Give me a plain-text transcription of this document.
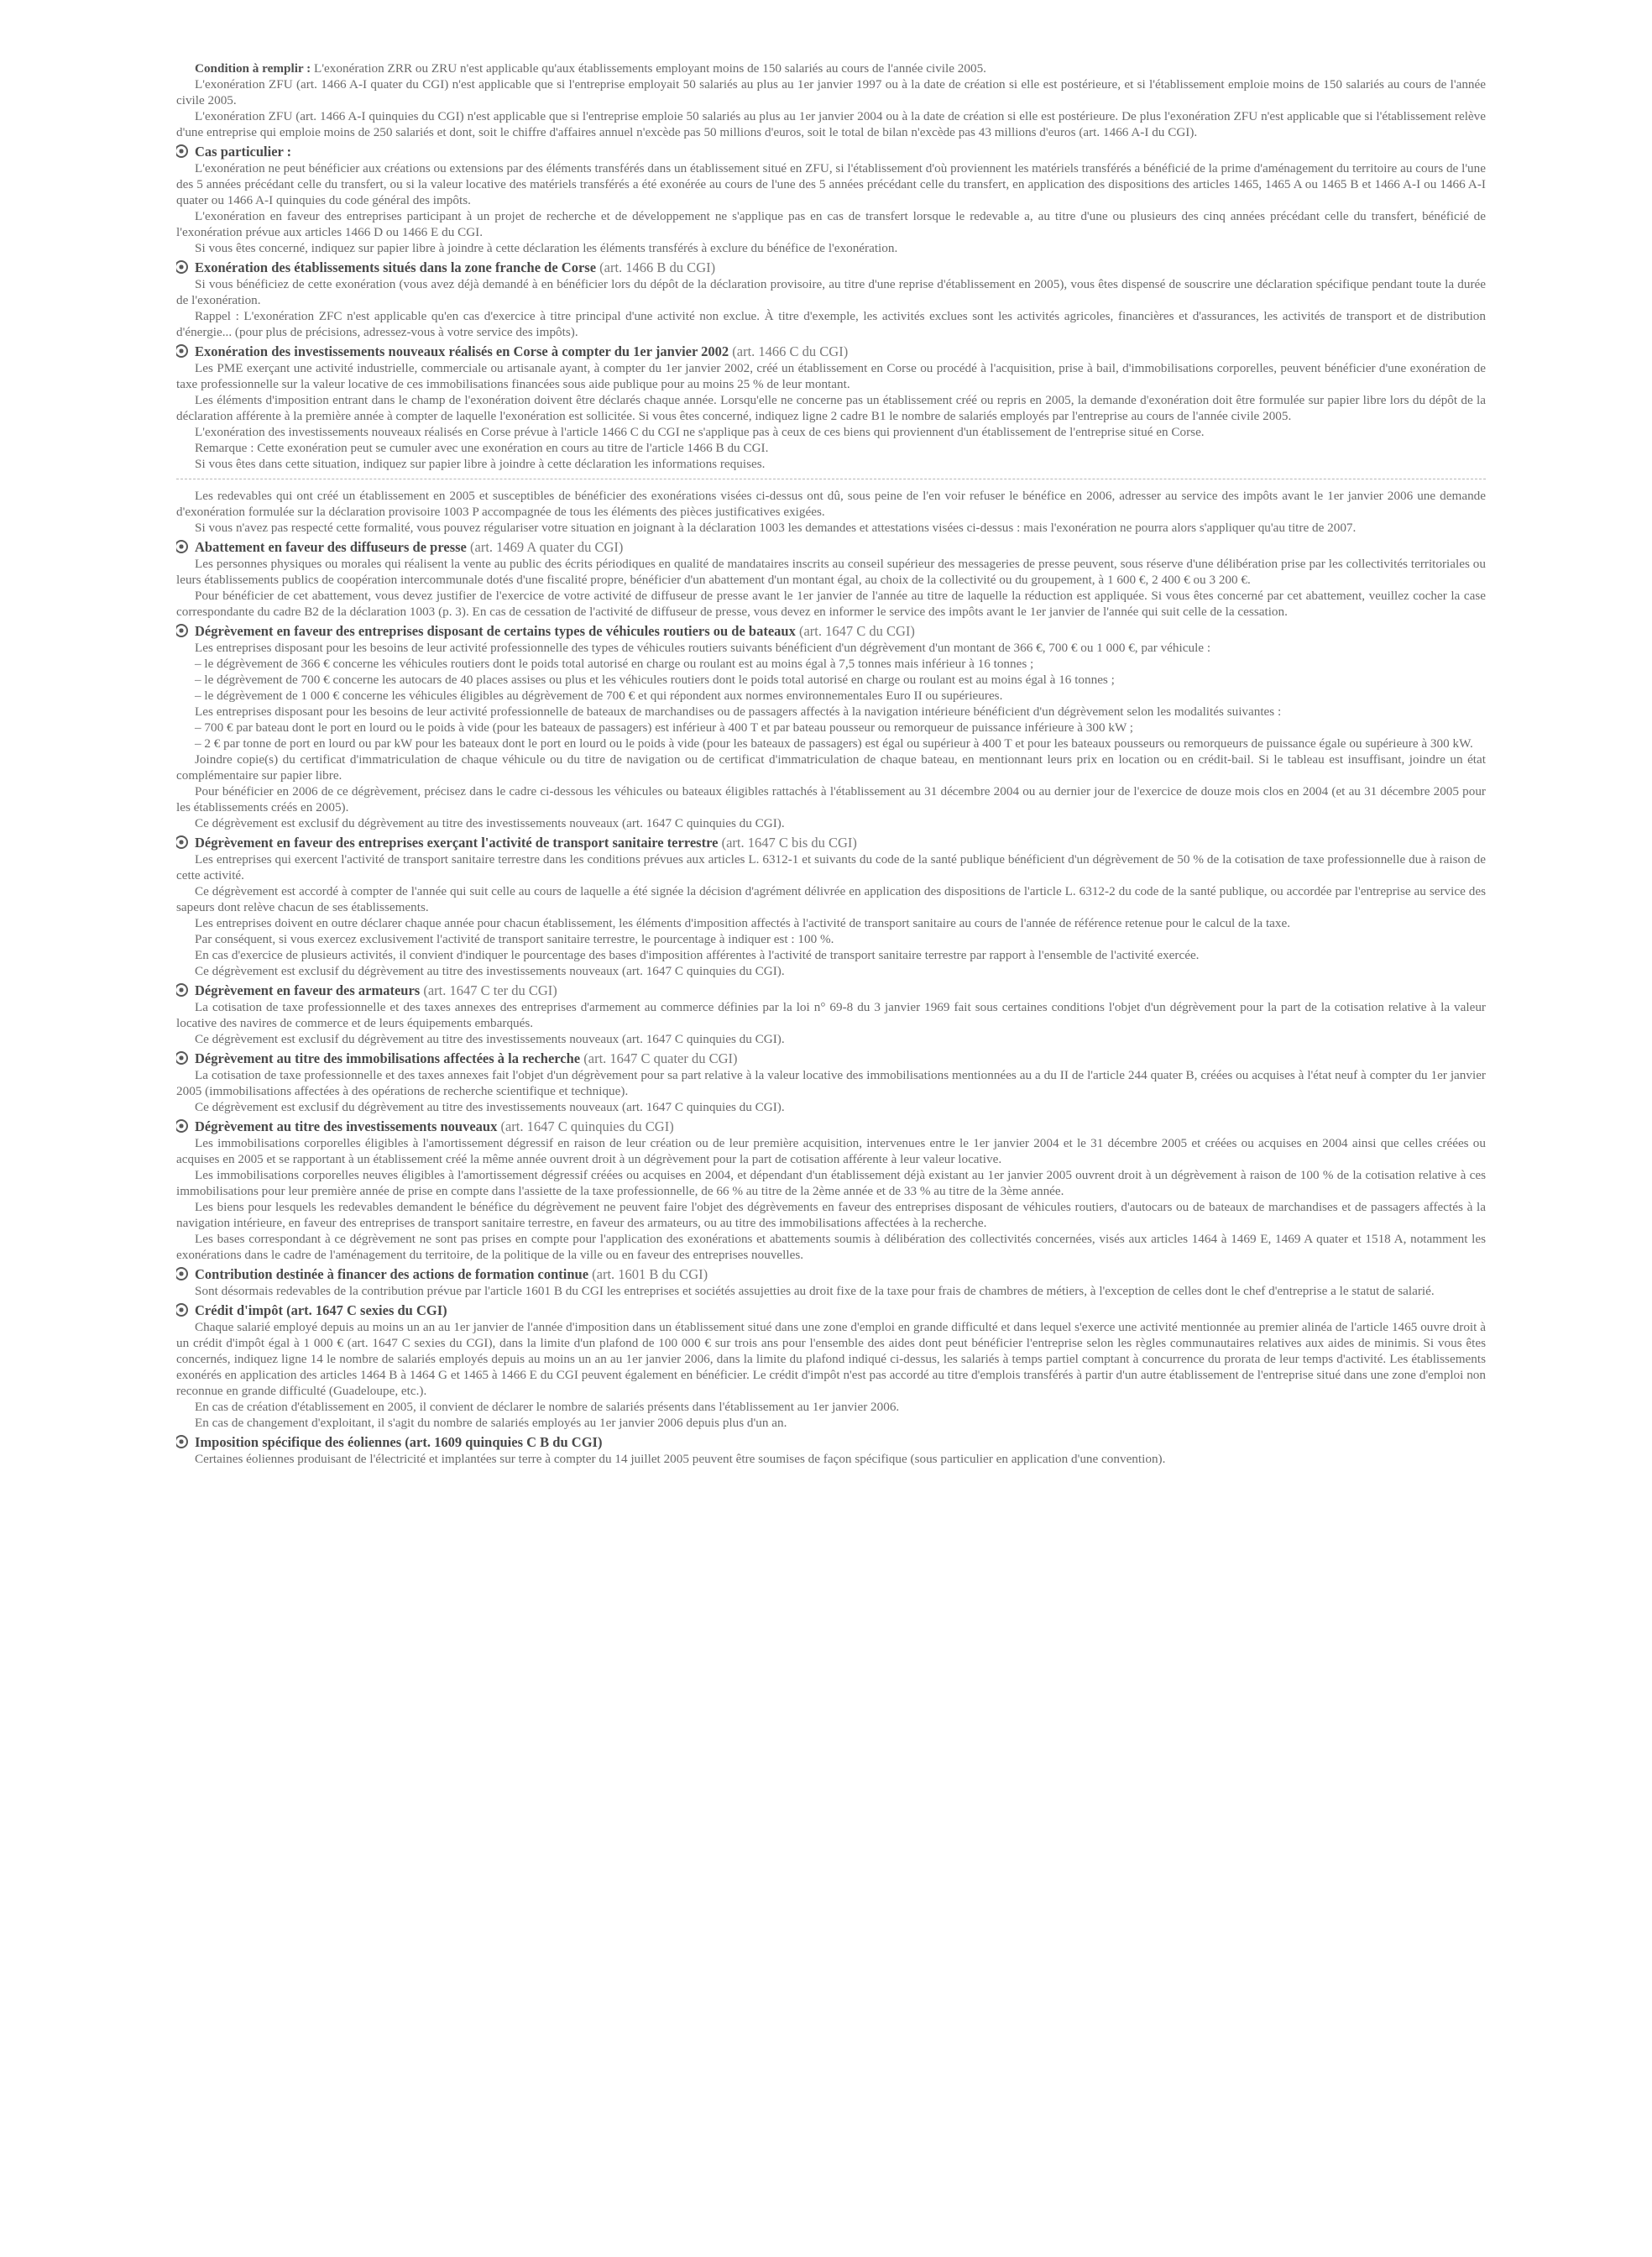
Condition à remplir : L'exonération ZRR ou ZRU n'est applicable qu'aux établissements employant moins de 150 salariés au cours de l'année civile 2005.

L'exonération ZFU (art. 1466 A-I quater du CGI) n'est applicable que si l'entreprise employait 50 salariés au plus au 1er janvier 1997 ou à la date de création si elle est postérieure, et si l'établissement emploie moins de 150 salariés au cours de l'année civile 2005.

L'exonération ZFU (art. 1466 A-I quinquies du CGI) n'est applicable que si l'entreprise emploie 50 salariés au plus au 1er janvier 2004 ou à la date de création si elle est postérieure. De plus l'exonération ZFU n'est applicable que si l'établissement relève d'une entreprise qui emploie moins de 250 salariés et dont, soit le chiffre d'affaires annuel n'excède pas 50 millions d'euros, soit le total de bilan n'excède pas 43 millions d'euros (art. 1466 A-I du CGI).

Cas particulier :

L'exonération ne peut bénéficier aux créations ou extensions par des éléments transférés dans un établissement situé en ZFU, si l'établissement d'où proviennent les matériels transférés a bénéficié de la prime d'aménagement du territoire au cours de l'une des 5 années précédant celle du transfert, ou si la valeur locative des matériels transférés a été exonérée au cours de l'une des 5 années précédant celle du transfert, en application des dispositions des articles 1465, 1465 A ou 1465 B et 1466 A-I ou 1466 A-I quater ou 1466 A-I quinquies du code général des impôts.

L'exonération en faveur des entreprises participant à un projet de recherche et de développement ne s'applique pas en cas de transfert lorsque le redevable a, au titre d'une ou plusieurs des cinq années précédant celle du transfert, bénéficié de l'exonération prévue aux articles 1466 D ou 1466 E du CGI.

Si vous êtes concerné, indiquez sur papier libre à joindre à cette déclaration les éléments transférés à exclure du bénéfice de l'exonération.

Exonération des établissements situés dans la zone franche de Corse (art. 1466 B du CGI)

Si vous bénéficiez de cette exonération (vous avez déjà demandé à en bénéficier lors du dépôt de la déclaration provisoire, au titre d'une reprise d'établissement en 2005), vous êtes dispensé de souscrire une déclaration spécifique pendant toute la durée de l'exonération.

Rappel : L'exonération ZFC n'est applicable qu'en cas d'exercice à titre principal d'une activité non exclue. À titre d'exemple, les activités exclues sont les activités agricoles, financières et d'assurances, les activités de transport et de distribution d'énergie... (pour plus de précisions, adressez-vous à votre service des impôts).

Exonération des investissements nouveaux réalisés en Corse à compter du 1er janvier 2002 (art. 1466 C du CGI)

Les PME exerçant une activité industrielle, commerciale ou artisanale ayant, à compter du 1er janvier 2002, créé un établissement en Corse ou procédé à l'acquisition, prise à bail, d'immobilisations corporelles, peuvent bénéficier d'une exonération de taxe professionnelle sur la valeur locative de ces immobilisations financées sous aide publique pour au moins 25 % de leur montant.

Les éléments d'imposition entrant dans le champ de l'exonération doivent être déclarés chaque année. Lorsqu'elle ne concerne pas un établissement créé ou repris en 2005, la demande d'exonération doit être formulée sur papier libre lors du dépôt de la déclaration afférente à la première année à compter de laquelle l'exonération est sollicitée. Si vous êtes concerné, indiquez ligne 2 cadre B1 le nombre de salariés employés par l'entreprise au cours de l'année civile 2005.

L'exonération des investissements nouveaux réalisés en Corse prévue à l'article 1466 C du CGI ne s'applique pas à ceux de ces biens qui proviennent d'un établissement de l'entreprise situé en Corse.

Remarque : Cette exonération peut se cumuler avec une exonération en cours au titre de l'article 1466 B du CGI.

Si vous êtes dans cette situation, indiquez sur papier libre à joindre à cette déclaration les informations requises.

Les redevables qui ont créé un établissement en 2005 et susceptibles de bénéficier des exonérations visées ci-dessus ont dû, sous peine de l'en voir refuser le bénéfice en 2006, adresser au service des impôts avant le 1er janvier 2006 une demande d'exonération formulée sur la déclaration provisoire 1003 P accompagnée de tous les éléments des pièces justificatives exigées.

Si vous n'avez pas respecté cette formalité, vous pouvez régulariser votre situation en joignant à la déclaration 1003 les demandes et attestations visées ci-dessus : mais l'exonération ne pourra alors s'appliquer qu'au titre de 2007.

Abattement en faveur des diffuseurs de presse (art. 1469 A quater du CGI)

Les personnes physiques ou morales qui réalisent la vente au public des écrits périodiques en qualité de mandataires inscrits au conseil supérieur des messageries de presse peuvent, sous réserve d'une délibération prise par les collectivités territoriales ou leurs établissements publics de coopération intercommunale dotés d'une fiscalité propre, bénéficier d'un abattement d'un montant égal, au choix de la collectivité ou du groupement, à 1 600 €, 2 400 € ou 3 200 €.

Pour bénéficier de cet abattement, vous devez justifier de l'exercice de votre activité de diffuseur de presse avant le 1er janvier de l'année au titre de laquelle la réduction est appliquée. Si vous êtes concerné par cet abattement, veuillez cocher la case correspondante du cadre B2 de la déclaration 1003 (p. 3). En cas de cessation de l'activité de diffuseur de presse, vous devez en informer le service des impôts avant le 1er janvier de l'année qui suit celle de la cessation.

Dégrèvement en faveur des entreprises disposant de certains types de véhicules routiers ou de bateaux (art. 1647 C du CGI)

Les entreprises disposant pour les besoins de leur activité professionnelle des types de véhicules routiers suivants bénéficient d'un dégrèvement d'un montant de 366 €, 700 € ou 1 000 €, par véhicule :

– le dégrèvement de 366 € concerne les véhicules routiers dont le poids total autorisé en charge ou roulant est au moins égal à 7,5 tonnes mais inférieur à 16 tonnes ;

– le dégrèvement de 700 € concerne les autocars de 40 places assises ou plus et les véhicules routiers dont le poids total autorisé en charge ou roulant est au moins égal à 16 tonnes ;

– le dégrèvement de 1 000 € concerne les véhicules éligibles au dégrèvement de 700 € et qui répondent aux normes environnementales Euro II ou supérieures.

Les entreprises disposant pour les besoins de leur activité professionnelle de bateaux de marchandises ou de passagers affectés à la navigation intérieure bénéficient d'un dégrèvement selon les modalités suivantes :

– 700 € par bateau dont le port en lourd ou le poids à vide (pour les bateaux de passagers) est inférieur à 400 T et par bateau pousseur ou remorqueur de puissance inférieure à 300 kW ;

– 2 € par tonne de port en lourd ou par kW pour les bateaux dont le port en lourd ou le poids à vide (pour les bateaux de passagers) est égal ou supérieur à 400 T et pour les bateaux pousseurs ou remorqueurs de puissance égale ou supérieure à 300 kW.

Joindre copie(s) du certificat d'immatriculation de chaque véhicule ou du titre de navigation ou de certificat d'immatriculation de chaque bateau, en mentionnant leurs prix en location ou en crédit-bail. Si le tableau est insuffisant, joindre un état complémentaire sur papier libre.

Pour bénéficier en 2006 de ce dégrèvement, précisez dans le cadre ci-dessous les véhicules ou bateaux éligibles rattachés à l'établissement au 31 décembre 2004 ou au dernier jour de l'exercice de douze mois clos en 2004 (et au 31 décembre 2005 pour les établissements créés en 2005).

Ce dégrèvement est exclusif du dégrèvement au titre des investissements nouveaux (art. 1647 C quinquies du CGI).

Dégrèvement en faveur des entreprises exerçant l'activité de transport sanitaire terrestre (art. 1647 C bis du CGI)

Les entreprises qui exercent l'activité de transport sanitaire terrestre dans les conditions prévues aux articles L. 6312-1 et suivants du code de la santé publique bénéficient d'un dégrèvement de 50 % de la cotisation de taxe professionnelle due à raison de cette activité.

Ce dégrèvement est accordé à compter de l'année qui suit celle au cours de laquelle a été signée la décision d'agrément délivrée en application des dispositions de l'article L. 6312-2 du code de la santé publique, ou accordée par l'entreprise au service des sapeurs dont relève chacun de ses établissements.

Les entreprises doivent en outre déclarer chaque année pour chacun établissement, les éléments d'imposition affectés à l'activité de transport sanitaire au cours de l'année de référence retenue pour le calcul de la taxe.

Par conséquent, si vous exercez exclusivement l'activité de transport sanitaire terrestre, le pourcentage à indiquer est : 100 %.

En cas d'exercice de plusieurs activités, il convient d'indiquer le pourcentage des bases d'imposition afférentes à l'activité de transport sanitaire terrestre par rapport à l'ensemble de l'activité exercée.

Ce dégrèvement est exclusif du dégrèvement au titre des investissements nouveaux (art. 1647 C quinquies du CGI).

Dégrèvement en faveur des armateurs (art. 1647 C ter du CGI)

La cotisation de taxe professionnelle et des taxes annexes des entreprises d'armement au commerce définies par la loi n° 69-8 du 3 janvier 1969 fait sous certaines conditions l'objet d'un dégrèvement pour la part de la cotisation relative à la valeur locative des navires de commerce et de leurs équipements embarqués.

Ce dégrèvement est exclusif du dégrèvement au titre des investissements nouveaux (art. 1647 C quinquies du CGI).

Dégrèvement au titre des immobilisations affectées à la recherche (art. 1647 C quater du CGI)

La cotisation de taxe professionnelle et des taxes annexes fait l'objet d'un dégrèvement pour sa part relative à la valeur locative des immobilisations mentionnées au a du II de l'article 244 quater B, créées ou acquises à l'état neuf à compter du 1er janvier 2005 (immobilisations affectées à des opérations de recherche scientifique et technique).

Ce dégrèvement est exclusif du dégrèvement au titre des investissements nouveaux (art. 1647 C quinquies du CGI).

Dégrèvement au titre des investissements nouveaux (art. 1647 C quinquies du CGI)

Les immobilisations corporelles éligibles à l'amortissement dégressif en raison de leur création ou de leur première acquisition, intervenues entre le 1er janvier 2004 et le 31 décembre 2005 et créées ou acquises en 2004 ainsi que celles créées ou acquises en 2005 et se rapportant à un établissement créé la même année ouvrent droit à un dégrèvement pour la part de cotisation afférente à leur valeur locative.

Les immobilisations corporelles neuves éligibles à l'amortissement dégressif créées ou acquises en 2004, et dépendant d'un établissement déjà existant au 1er janvier 2005 ouvrent droit à un dégrèvement à raison de 100 % de la cotisation relative à ces immobilisations pour leur première année de prise en compte dans l'assiette de la taxe professionnelle, de 66 % au titre de la 2ème année et de 33 % au titre de la 3ème année.

Les biens pour lesquels les redevables demandent le bénéfice du dégrèvement ne peuvent faire l'objet des dégrèvements en faveur des entreprises disposant de véhicules routiers, d'autocars ou de bateaux de marchandises et de passagers affectés à la navigation intérieure, en faveur des entreprises de transport sanitaire terrestre, en faveur des armateurs, ou au titre des immobilisations affectées à la recherche.

Les bases correspondant à ce dégrèvement ne sont pas prises en compte pour l'application des exonérations et abattements soumis à délibération des collectivités concernées, visés aux articles 1464 à 1469 E, 1469 A quater et 1518 A, notamment les exonérations dans le cadre de l'aménagement du territoire, de la politique de la ville ou en faveur des entreprises nouvelles.

Contribution destinée à financer des actions de formation continue (art. 1601 B du CGI)

Sont désormais redevables de la contribution prévue par l'article 1601 B du CGI les entreprises et sociétés assujetties au droit fixe de la taxe pour frais de chambres de métiers, à l'exception de celles dont le chef d'entreprise a le statut de salarié.

Crédit d'impôt (art. 1647 C sexies du CGI)

Chaque salarié employé depuis au moins un an au 1er janvier de l'année d'imposition dans un établissement situé dans une zone d'emploi en grande difficulté et dans lequel s'exerce une activité mentionnée au premier alinéa de l'article 1465 ouvre droit à un crédit d'impôt égal à 1 000 € (art. 1647 C sexies du CGI), dans la limite d'un plafond de 100 000 € sur trois ans pour l'ensemble des aides dont peut bénéficier l'entreprise selon les règles communautaires relatives aux aides de minimis. Si vous êtes concernés, indiquez ligne 14 le nombre de salariés employés depuis au moins un an au 1er janvier 2006, dans la limite du plafond indiqué ci-dessus, les salariés à temps partiel comptant à concurrence du prorata de leur temps d'activité. Les établissements exonérés en application des articles 1464 B à 1464 G et 1465 à 1466 E du CGI peuvent également en bénéficier. Le crédit d'impôt n'est pas accordé au titre d'emplois transférés à partir d'un autre établissement de l'entreprise situé dans une zone d'emploi non reconnue en grande difficulté (Guadeloupe, etc.).

En cas de création d'établissement en 2005, il convient de déclarer le nombre de salariés présents dans l'établissement au 1er janvier 2006.

En cas de changement d'exploitant, il s'agit du nombre de salariés employés au 1er janvier 2006 depuis plus d'un an.

Imposition spécifique des éoliennes (art. 1609 quinquies C B du CGI)

Certaines éoliennes produisant de l'électricité et implantées sur terre à compter du 14 juillet 2005 peuvent être soumises de façon spécifique (sous particulier en application d'une convention).
